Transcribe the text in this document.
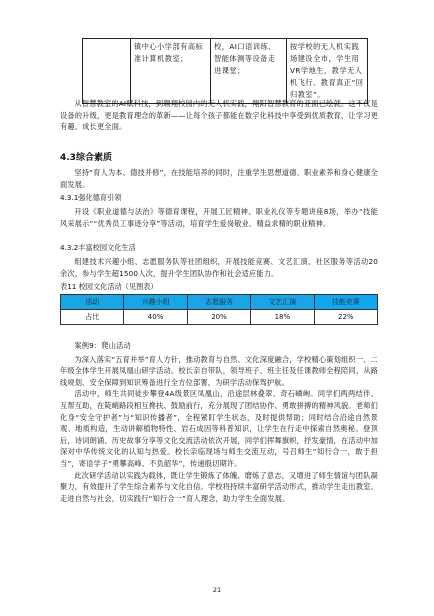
	镇中心小学部有高标准计算机教室；	校，AI口语训练、智能体测等设备走进课堂；	按学校的无人机实践场建设全市，学生用VR学地生，教学无人机飞行、教育真正“回归教室”。

从智慧教室的AI赋科技，到翱翔校园内的无人机实践，翔阳智慧教育的亚面已绘就。这不仅是设备的升级，更是教育理念的革新——让每个孩子都能在数字化科技中享受到优质教育，让学习更有趣、成长更全面。

4.3综合素质

坚持“育人为本、德技并修”，在技能培养的同时，注重学生思想道德、职业素养和身心健康全面发展。

4.3.1强化德育引领

开设《职业道德与法治》等德育课程，开展工匠精神、职业礼仪等专题讲座8场，举办“技能风采展示”“优秀员工事迹分享”等活动，培育学生爱岗敬业、精益求精的职业精神。

4.3.2丰富校园文化生活

组建技术兴趣小组、志愿服务队等社团组织，开展技能竞赛、文艺汇演、社区服务等活动20余次，参与学生超1500人次，提升学生团队协作和社会适应能力。

表11 校园文化活动（见图表）
活动	兴趣小组	志愿服务	文艺汇演	技能竞赛
占比	40%	20%	18%	22%

案例9：爬山活动

为深入落实“五育并举”育人方针，推动教育与自然、文化深度融合，学校精心策划组织一、二年级全体学生开展凤凰山研学活动。校长亲自带队，领导班子、班主任及任课教师全程陪同，从路线规划、安全保障到知识筹备进行全方位部署，为研学活动保驾护航。

活动中，师生共同徒步攀登4A级景区凤凰山，沿途层林叠翠、奇石嶙峋。同学们两两结伴、互帮互助，在陡峭路段相互搀扶、鼓励前行，充分展现了团结协作、勇敢拼搏的精神风貌。老师们化身“安全守护者”与“知识传播者”，全程紧盯学生状态，及时提供帮助；同时结合沿途自然景观、地质构造，生动讲解植物特性、岩石成因等科普知识，让学生在行走中探索自然奥秘。登顶后，诗词朗诵、历史故事分享等文化交流活动依次开展，同学们挥舞旗帜，抒发豪情，在活动中加深对中华传统文化的认知与热爱。校长亲临现场与师生交流互动，号召师生“知行合一，敢于担当”，寄语学子“勇攀高峰、不负韶华”，传递殷切期许。

此次研学活动以实践为载体，既让学生锻炼了体魄、磨炼了意志，又增进了师生情谊与团队凝聚力，有效提升了学生综合素养与文化自信。学校将持续丰富研学活动形式，推动学生走出教室、走进自然与社会，切实践行“知行合一”育人理念，助力学生全面发展。

21
